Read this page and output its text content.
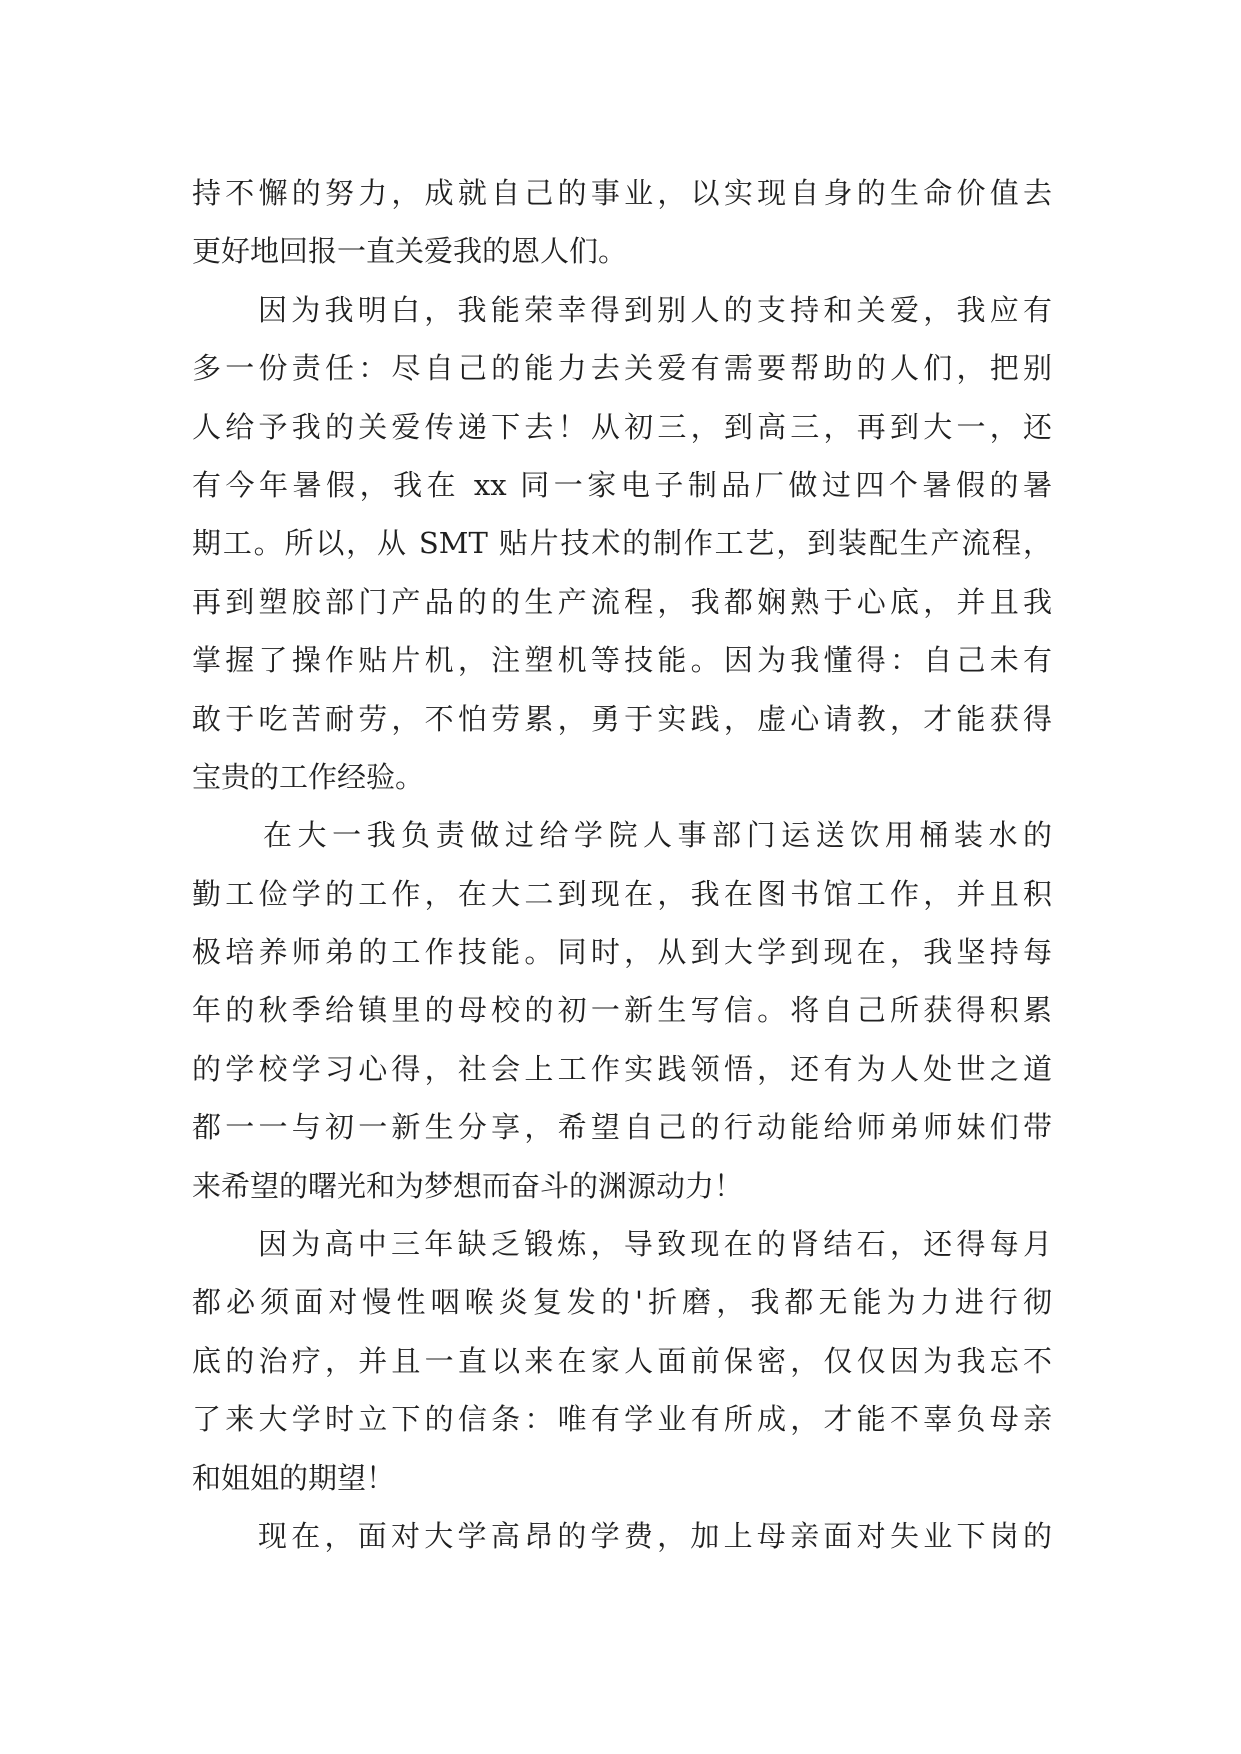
持不懈的努力，成就自己的事业，以实现自身的生命价值去
更好地回报一直关爱我的恩人们。
因为我明白，我能荣幸得到别人的支持和关爱，我应有
多一份责任：尽自己的能力去关爱有需要帮助的人们，把别
人给予我的关爱传递下去！从初三，到高三，再到大一，还
有今年暑假，我在 xx 同一家电子制品厂做过四个暑假的暑
期工。所以，从 SMT 贴片技术的制作工艺，到装配生产流程，
再到塑胶部门产品的的生产流程，我都娴熟于心底，并且我
掌握了操作贴片机，注塑机等技能。因为我懂得：自己未有
敢于吃苦耐劳，不怕劳累，勇于实践，虚心请教，才能获得
宝贵的工作经验。
在大一我负责做过给学院人事部门运送饮用桶装水的
勤工俭学的工作，在大二到现在，我在图书馆工作，并且积
极培养师弟的工作技能。同时，从到大学到现在，我坚持每
年的秋季给镇里的母校的初一新生写信。将自己所获得积累
的学校学习心得，社会上工作实践领悟，还有为人处世之道
都一一与初一新生分享，希望自己的行动能给师弟师妹们带
来希望的曙光和为梦想而奋斗的渊源动力！
因为高中三年缺乏锻炼，导致现在的肾结石，还得每月
都必须面对慢性咽喉炎复发的'折磨，我都无能为力进行彻
底的治疗，并且一直以来在家人面前保密，仅仅因为我忘不
了来大学时立下的信条：唯有学业有所成，才能不辜负母亲
和姐姐的期望！
现在，面对大学高昂的学费，加上母亲面对失业下岗的
